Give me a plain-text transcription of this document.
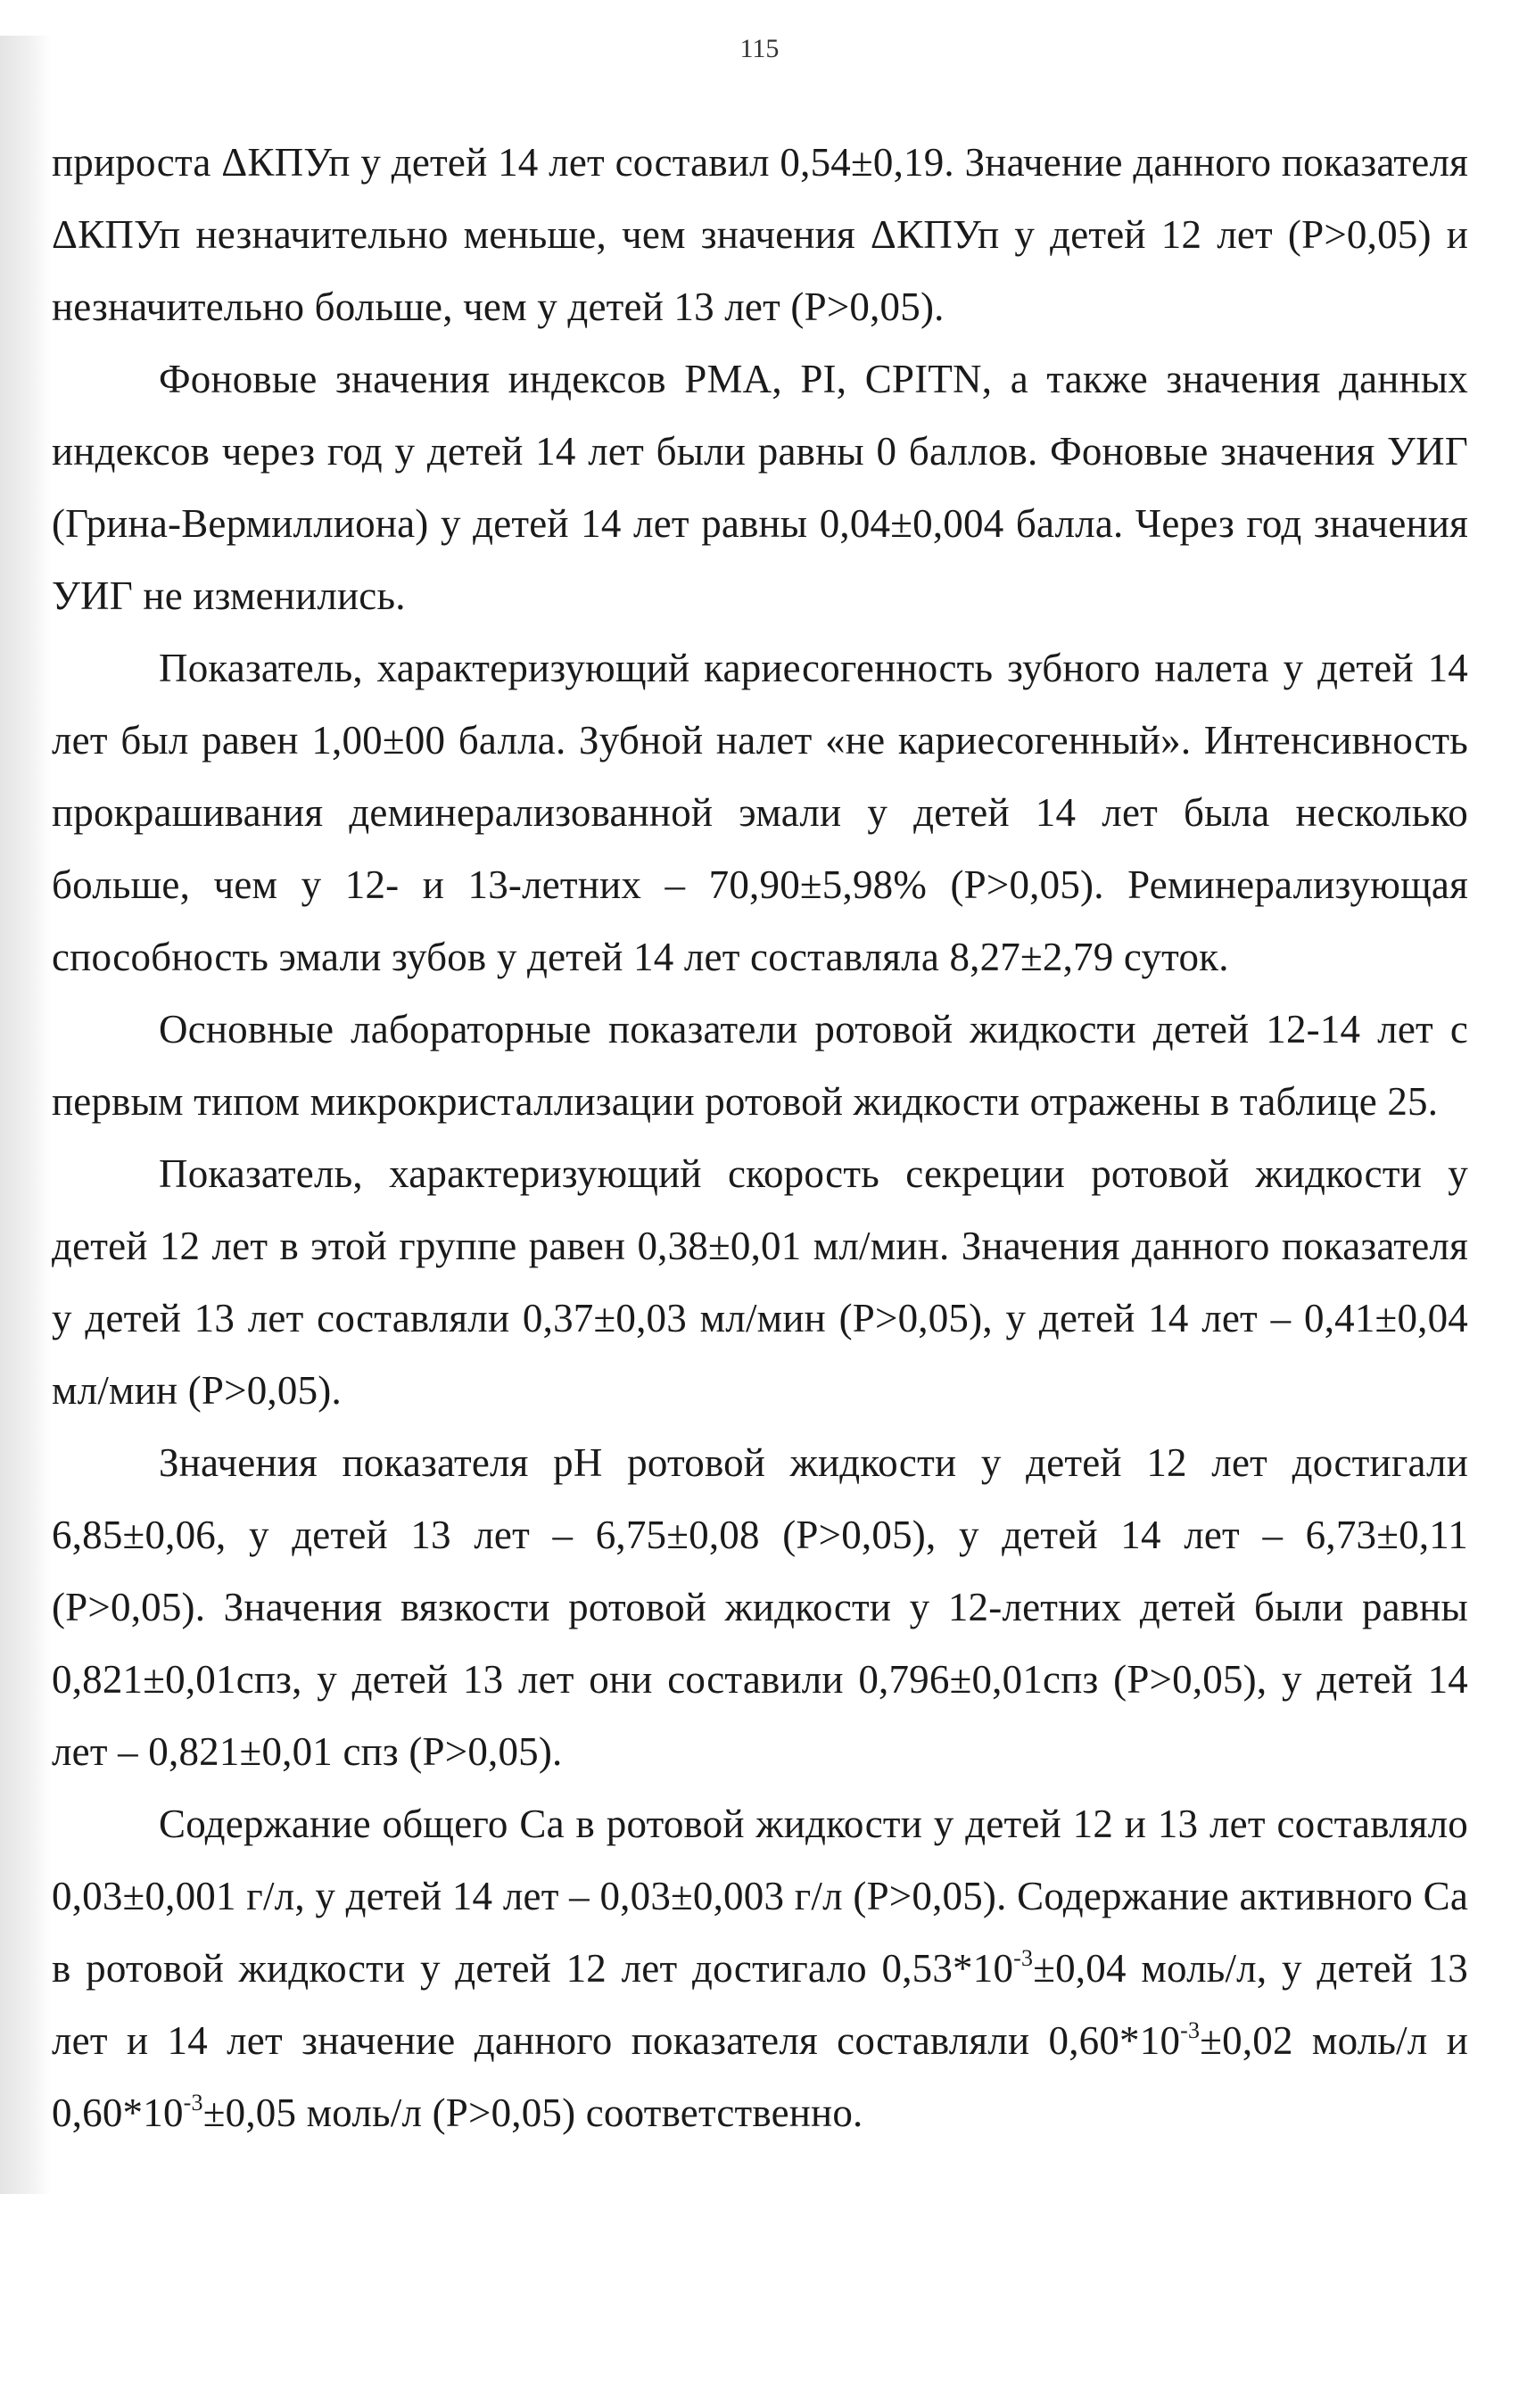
115

прироста ΔКПУп у детей 14 лет составил 0,54±0,19. Значение данного показателя ΔКПУп незначительно меньше, чем значения ΔКПУп у детей 12 лет (P>0,05) и незначительно больше, чем у детей 13 лет (P>0,05).

Фоновые значения индексов PMA, PI, CPITN, а также значения данных индексов через год у детей 14 лет были равны 0 баллов. Фоновые значения УИГ (Грина-Вермиллиона) у детей 14 лет равны 0,04±0,004 балла. Через год значения УИГ не изменились.

Показатель, характеризующий кариесогенность зубного налета у детей 14 лет был равен 1,00±00 балла. Зубной налет «не кариесогенный». Интенсивность прокрашивания деминерализованной эмали у детей 14 лет была несколько больше, чем у 12- и 13-летних – 70,90±5,98% (P>0,05). Реминерализующая способность эмали зубов у детей 14 лет составляла 8,27±2,79 суток.

Основные лабораторные показатели ротовой жидкости детей 12-14 лет с первым типом микрокристаллизации ротовой жидкости отражены в таблице 25.

Показатель, характеризующий скорость секреции ротовой жидкости у детей 12 лет в этой группе равен 0,38±0,01 мл/мин. Значения данного показателя у детей 13 лет составляли 0,37±0,03 мл/мин (P>0,05), у детей 14 лет – 0,41±0,04 мл/мин (P>0,05).

Значения показателя pH ротовой жидкости у детей 12 лет достигали 6,85±0,06, у детей 13 лет – 6,75±0,08 (P>0,05), у детей 14 лет – 6,73±0,11 (P>0,05). Значения вязкости ротовой жидкости у 12-летних детей были равны 0,821±0,01спз, у детей 13 лет они составили 0,796±0,01спз (P>0,05), у детей 14 лет – 0,821±0,01 спз (P>0,05).

Содержание общего Ca в ротовой жидкости у детей 12 и 13 лет составляло 0,03±0,001 г/л, у детей 14 лет – 0,03±0,003 г/л (P>0,05). Содержание активного Ca в ротовой жидкости у детей 12 лет достигало $0,53*10^{-3}\pm 0,04$ моль/л, у детей 13 лет и 14 лет значение данного показателя составляли $0,60*10^{-3}\pm 0,02$ моль/л и $0,60*10^{-3}\pm 0,05$ моль/л (P>0,05) соответственно.
